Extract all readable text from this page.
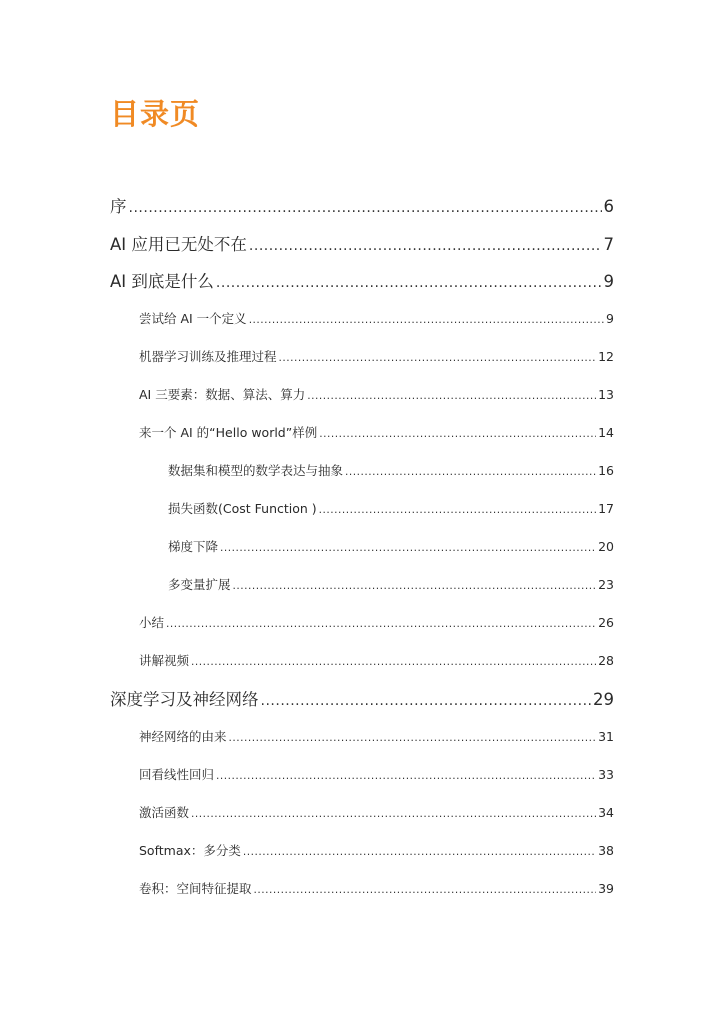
目录页
序 .....	6
AI 应用已无处不在 .....	7
AI 到底是什么 .....	9
尝试给 AI 一个定义 .....	9
机器学习训练及推理过程 .....	12
AI 三要素：数据、算法、算力 .....	13
来一个 AI 的“Hello world”样例 .....	14
数据集和模型的数学表达与抽象 .....	16
损失函数(Cost Function ) .....	17
梯度下降 .....	20
多变量扩展 .....	23
小结 .....	26
讲解视频 .....	28
深度学习及神经网络 .....	29
神经网络的由来 .....	31
回看线性回归 .....	33
激活函数 .....	34
Softmax：多分类 .....	38
卷积：空间特征提取 .....	39
